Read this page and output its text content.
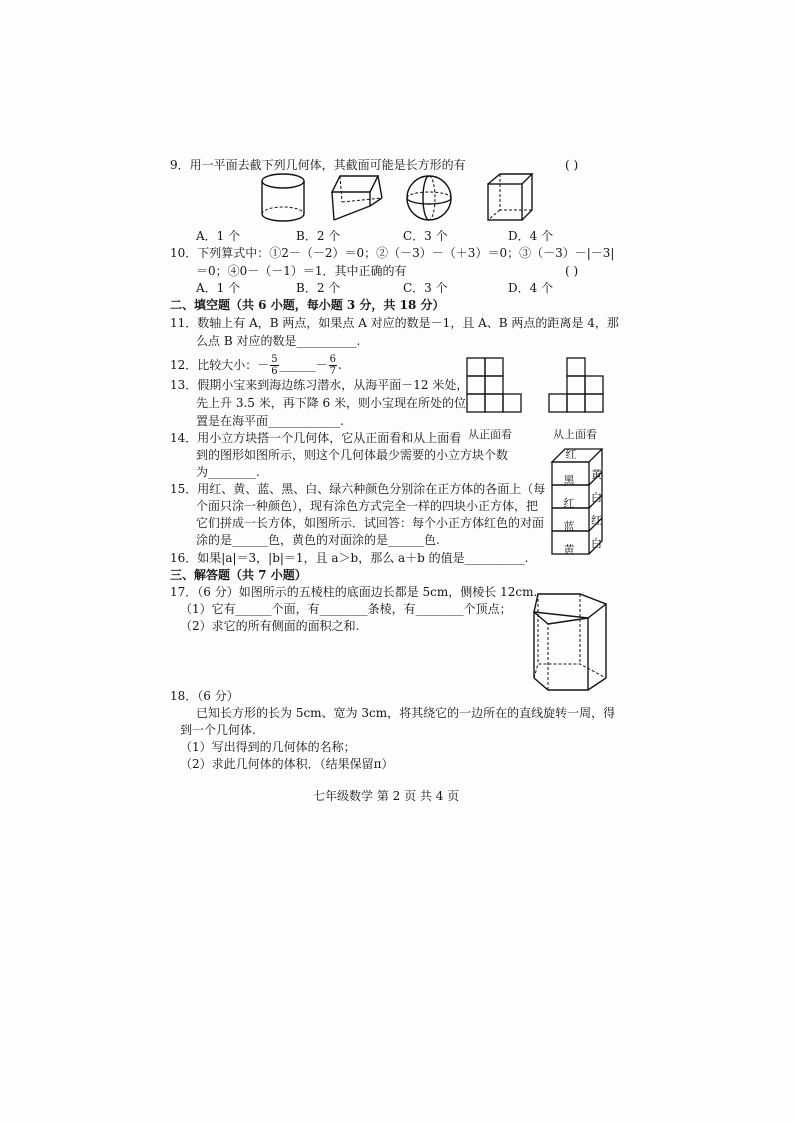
9．用一平面去截下列几何体，其截面可能是长方形的有	( )
A．1 个	B．2 个	C．3 个	D．4 个
10．下列算式中：①2－（－2）＝0；②（－3）－（＋3）＝0；③（－3）－|－3|
＝0；④0－（－1）＝1．其中正确的有	( )
A．1 个	B．2 个	C．3 个	D．4 个
二、填空题（共 6 小题，每小题 3 分，共 18 分）
11．数轴上有 A，B 两点，如果点 A 对应的数是－1，且 A、B 两点的距离是 4，那
么点 B 对应的数是__________.
12．比较大小：－ $\frac{5}{6}$ ______－ $\frac{6}{7}$ .
13．假期小宝来到海边练习潜水，从海平面－12 米处，
先上升 3.5 米，再下降 6 米，则小宝现在所处的位
置是在海平面____________.
从正面看	从上面看
14．用小立方块搭一个几何体，它从正面看和从上面看
到的图形如图所示，则这个几何体最少需要的小立方块个数
为________.
15．用红、黄、蓝、黑、白、绿六种颜色分别涂在正方体的各面上（每
个面只涂一种颜色），现有涂色方式完全一样的四块小正方体，把
它们拼成一长方体，如图所示．试回答：每个小正方体红色的对面
涂的是______色，黄色的对面涂的是______色.
红
黑
红
蓝
黄
黄
白
红
白
16．如果|a|＝3，|b|＝1，且 a＞b，那么 a＋b 的值是__________.
三、解答题（共 7 小题）
17．（6 分）如图所示的五棱柱的底面边长都是 5cm，侧棱长 12cm.
（1）它有______个面，有________条棱，有________个顶点；
（2）求它的所有侧面的面积之和.
18．（6 分）
已知长方形的长为 5cm、宽为 3cm，将其绕它的一边所在的直线旋转一周，得
到一个几何体.
（1）写出得到的几何体的名称；
（2）求此几何体的体积．（结果保留π）
七年级数学 第 2 页 共 4 页
